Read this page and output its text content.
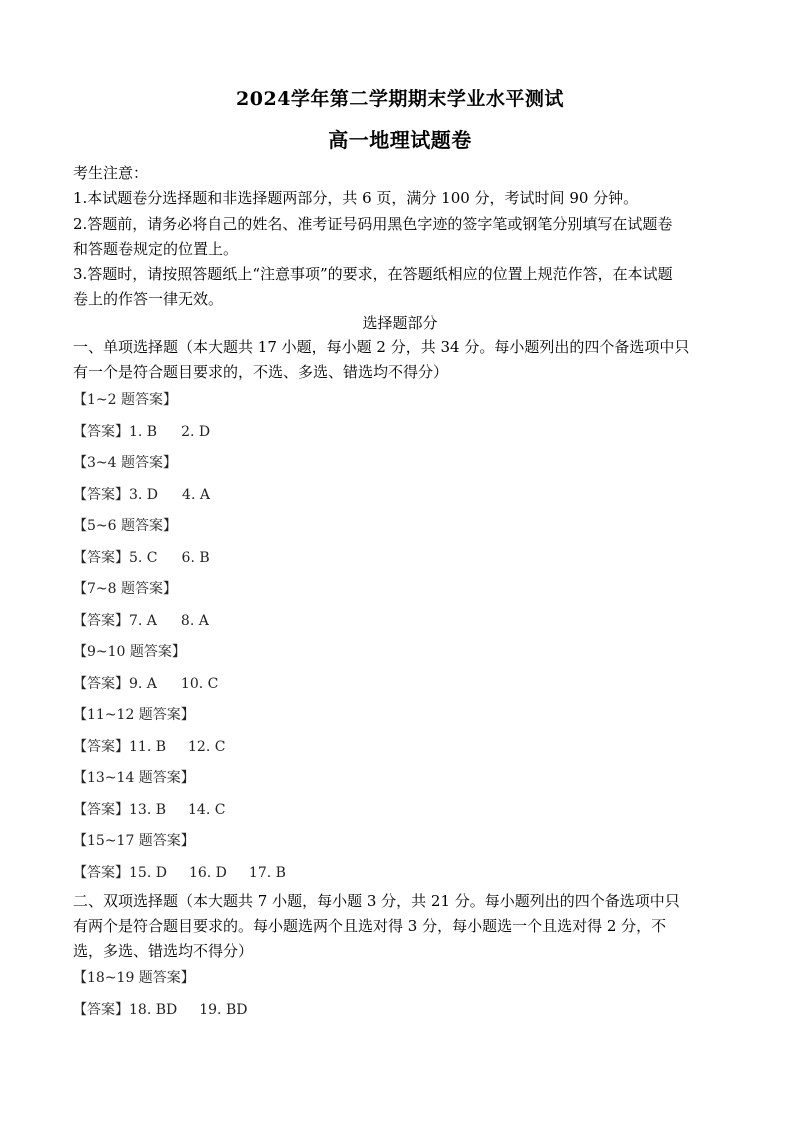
2024学年第二学期期末学业水平测试
高一地理试题卷
考生注意：
1.本试题卷分选择题和非选择题两部分，共 6 页，满分 100 分，考试时间 90 分钟。
2.答题前，请务必将自己的姓名、准考证号码用黑色字迹的签字笔或钢笔分别填写在试题卷
和答题卷规定的位置上。
3.答题时，请按照答题纸上“注意事项”的要求，在答题纸相应的位置上规范作答，在本试题
卷上的作答一律无效。
选择题部分
一、单项选择题（本大题共 17 小题，每小题 2 分，共 34 分。每小题列出的四个备选项中只
有一个是符合题目要求的，不选、多选、错选均不得分）
【1~2 题答案】
【答案】1. B 2. D
【3~4 题答案】
【答案】3. D 4. A
【5~6 题答案】
【答案】5. C 6. B
【7~8 题答案】
【答案】7. A 8. A
【9~10 题答案】
【答案】9. A 10. C
【11~12 题答案】
【答案】11. B 12. C
【13~14 题答案】
【答案】13. B 14. C
【15~17 题答案】
【答案】15. D 16. D 17. B
二、双项选择题（本大题共 7 小题，每小题 3 分，共 21 分。每小题列出的四个备选项中只
有两个是符合题目要求的。每小题选两个且选对得 3 分，每小题选一个且选对得 2 分，不
选，多选、错选均不得分）
【18~19 题答案】
【答案】18. BD 19. BD
